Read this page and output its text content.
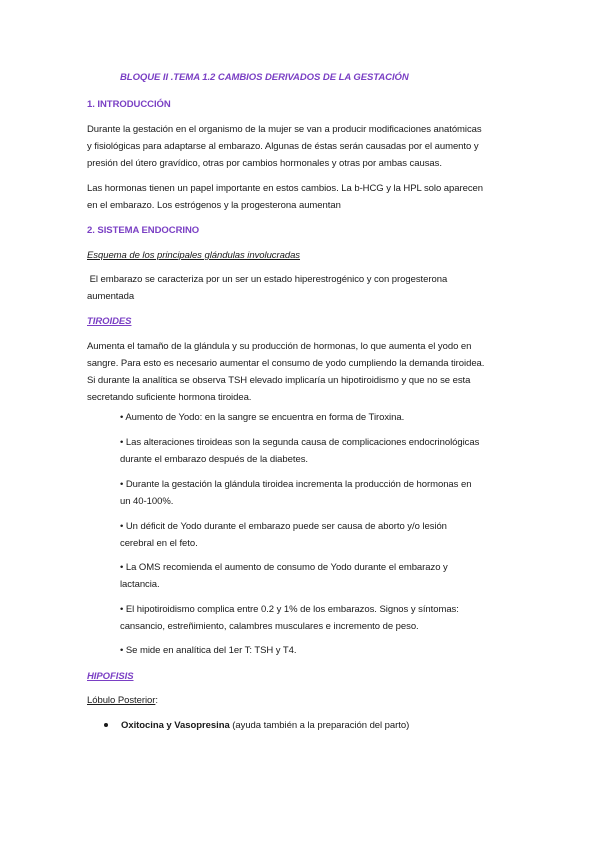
BLOQUE II .TEMA 1.2 CAMBIOS DERIVADOS DE LA GESTACIÓN
1. INTRODUCCIÓN
Durante la gestación en el organismo de la mujer se van a producir modificaciones anatómicas
y fisiológicas para adaptarse al embarazo. Algunas de éstas serán causadas por el aumento y
presión del útero gravídico, otras por cambios hormonales y otras por ambas causas.
Las hormonas tienen un papel importante en estos cambios. La b-HCG y la HPL solo aparecen
en el embarazo. Los estrógenos y la progesterona aumentan
2. SISTEMA ENDOCRINO
Esquema de los principales glándulas involucradas
El embarazo se caracteriza por un ser un estado hiperestrogénico y con progesterona
aumentada
TIROIDES
Aumenta el tamaño de la glándula y su producción de hormonas, lo que aumenta el yodo en
sangre. Para esto es necesario aumentar el consumo de yodo cumpliendo la demanda tiroidea.
Si durante la analítica se observa TSH elevado implicaría un hipotiroidismo y que no se esta
secretando suficiente hormona tiroidea.
• Aumento de Yodo: en la sangre se encuentra en forma de Tiroxina.
• Las alteraciones tiroideas son la segunda causa de complicaciones endocrinológicas
durante el embarazo después de la diabetes.
• Durante la gestación la glándula tiroidea incrementa la producción de hormonas en
un 40-100%.
• Un déficit de Yodo durante el embarazo puede ser causa de aborto y/o lesión
cerebral en el feto.
• La OMS recomienda el aumento de consumo de Yodo durante el embarazo y
lactancia.
• El hipotiroidismo complica entre 0.2 y 1% de los embarazos. Signos y síntomas:
cansancio, estreñimiento, calambres musculares e incremento de peso.
• Se mide en analítica del 1er T: TSH y T4.
HIPOFISIS
Lóbulo Posterior:
Oxitocina y Vasopresina (ayuda también a la preparación del parto)
